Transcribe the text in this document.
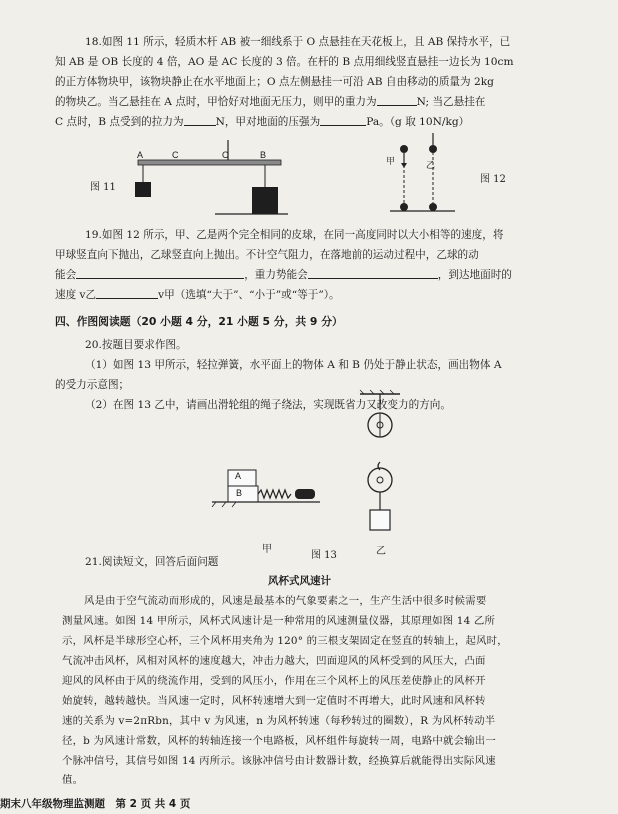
18.如图 11 所示，轻质木杆 AB 被一细线系于 O 点悬挂在天花板上，且 AB 保持水平，已

知 AB 是 OB 长度的 4 倍，AO 是 AC 长度的 3 倍。在杆的 B 点用细线竖直悬挂一边长为 10cm

的正方体物块甲，该物块静止在水平地面上；O 点左侧悬挂一可沿 AB 自由移动的质量为 2kg

的物块乙。当乙悬挂在 A 点时，甲恰好对地面无压力，则甲的重力为	N; 当乙悬挂在

C 点时，B 点受到的拉力为	N，甲对地面的压强为	Pa。（g 取 10N/kg）

A	C	O	B
图 11
甲	乙
图 12

19.如图 12 所示，甲、乙是两个完全相同的皮球，在同一高度同时以大小相等的速度，将

甲球竖直向下抛出，乙球竖直向上抛出。不计空气阻力，在落地前的运动过程中，乙球的动

能会	，重力势能会	，到达地面时的

速度 v乙	v甲（选填“大于”、“小于”或“等于”）。

四、作图阅读题（20 小题 4 分，21 小题 5 分，共 9 分）

20.按题目要求作图。

（1）如图 13 甲所示，轻拉弹簧，水平面上的物体 A 和 B 仍处于静止状态，画出物体 A

的受力示意图；

（2）在图 13 乙中，请画出滑轮组的绳子绕法，实现既省力又改变力的方向。

A
B
甲
图 13	乙

21.阅读短文，回答后面问题

风杯式风速计

风是由于空气流动而形成的，风速是最基本的气象要素之一，生产生活中很多时候需要

测量风速。如图 14 甲所示，风杯式风速计是一种常用的风速测量仪器，其原理如图 14 乙所

示，风杯是半球形空心杯，三个风杯用夹角为 120° 的三根支架固定在竖直的转轴上，起风时，

气流冲击风杯，风相对风杯的速度越大，冲击力越大，凹面迎风的风杯受到的风压大，凸面

迎风的风杯由于风的绕流作用，受到的风压小，作用在三个风杯上的风压差使静止的风杯开

始旋转，越转越快。当风速一定时，风杯转速增大到一定值时不再增大，此时风速和风杯转

速的关系为 v=2πRbn，其中 v 为风速，n 为风杯转速（每秒转过的圈数），R 为风杯转动半

径，b 为风速计常数，风杯的转轴连接一个电路板，风杯组件每旋转一周，电路中就会输出一

个脉冲信号，其信号如图 14 丙所示。该脉冲信号由计数器计数，经换算后就能得出实际风速

值。

期末八年级物理监测题　第 2 页 共 4 页
